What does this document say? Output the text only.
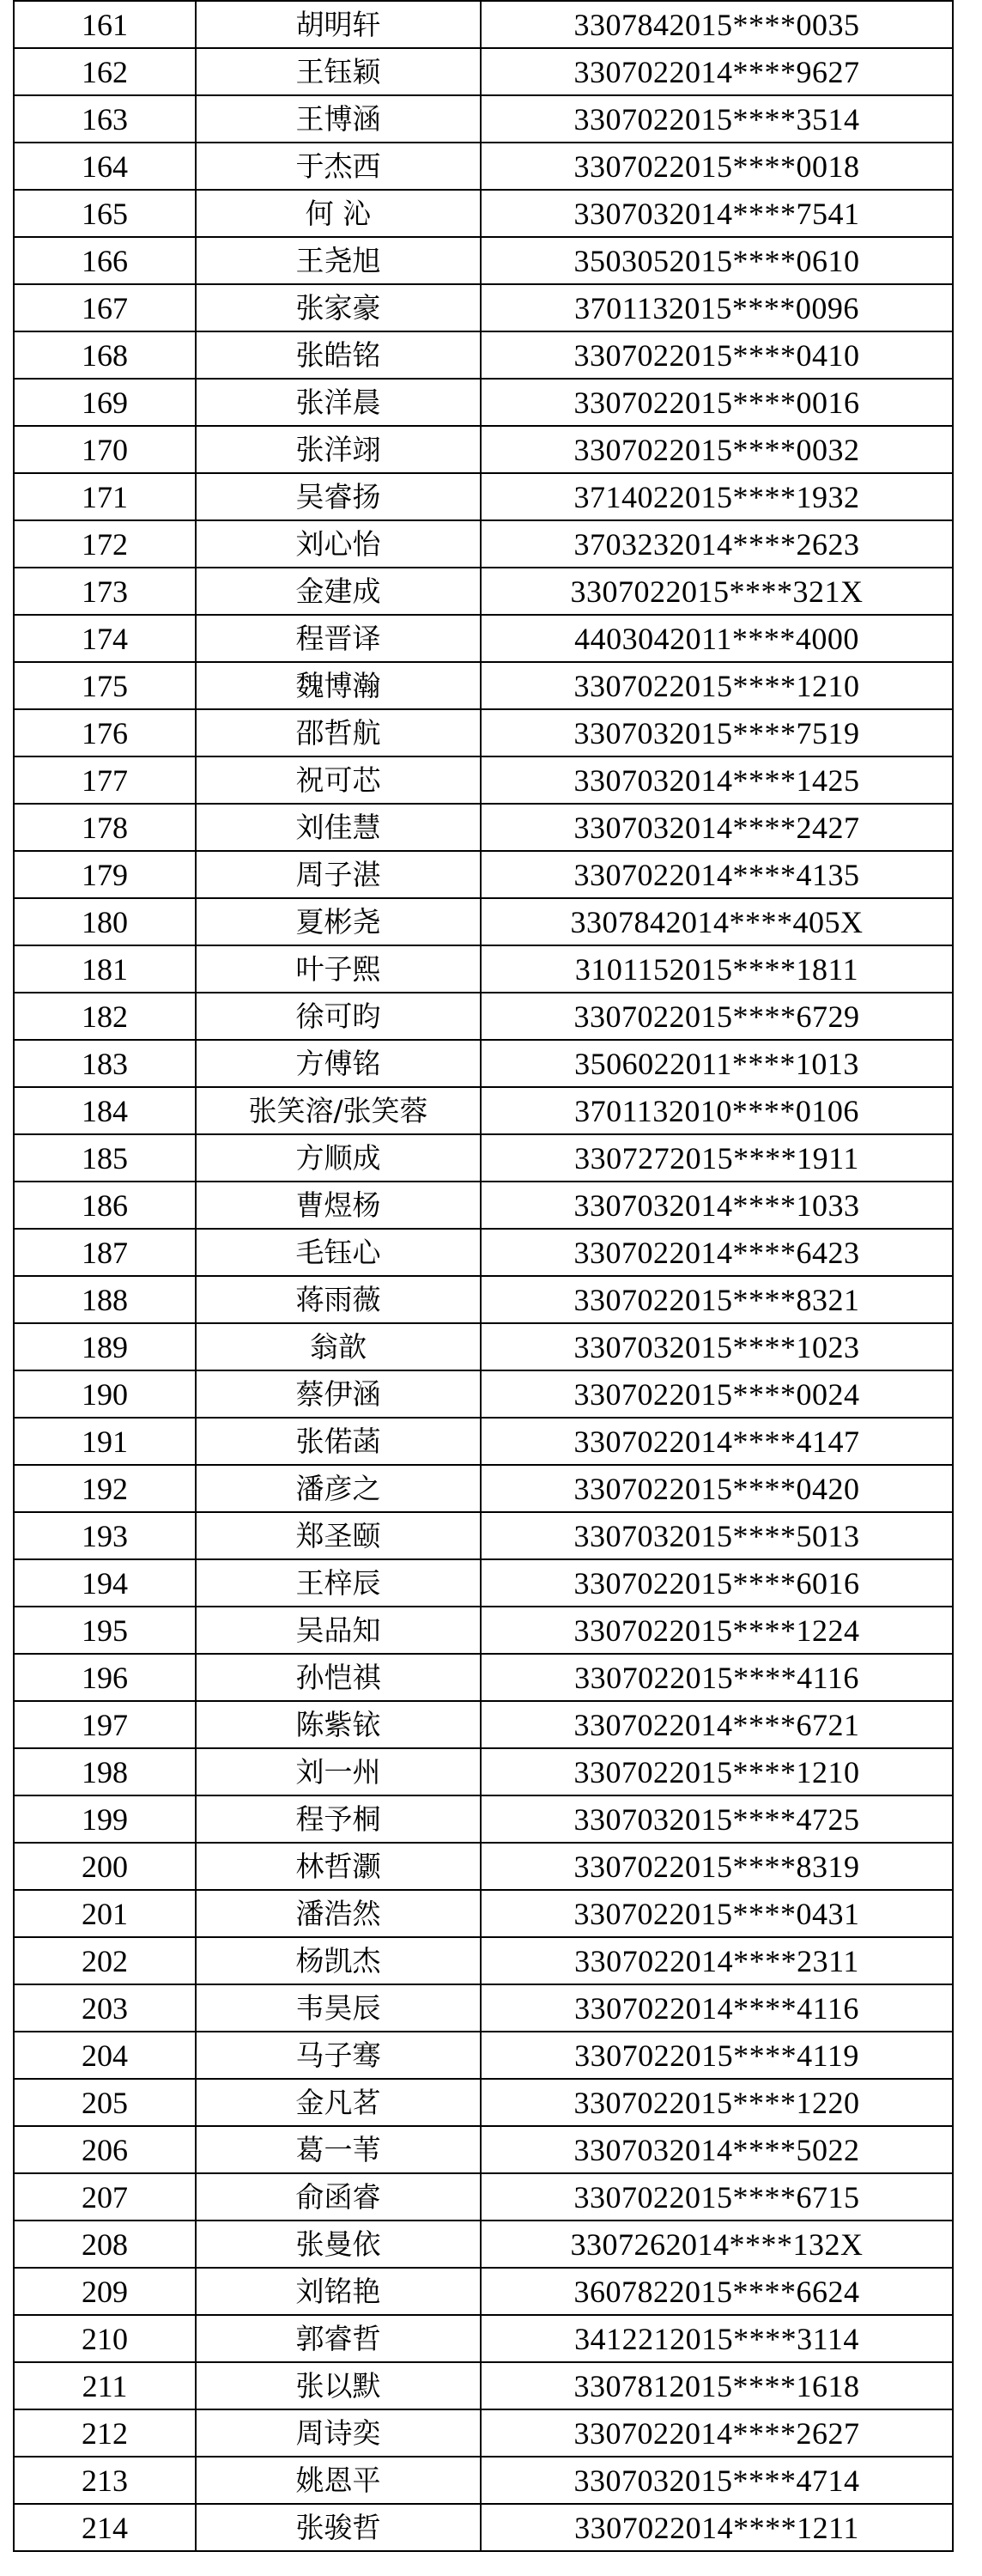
161	胡明轩	3307842015****0035
162	王钰颖	3307022014****9627
163	王博涵	3307022015****3514
164	于杰西	3307022015****0018
165	何 沁	3307032014****7541
166	王尧旭	3503052015****0610
167	张家豪	3701132015****0096
168	张皓铭	3307022015****0410
169	张洋晨	3307022015****0016
170	张洋翊	3307022015****0032
171	吴睿扬	3714022015****1932
172	刘心怡	3703232014****2623
173	金建成	3307022015****321X
174	程晋译	4403042011****4000
175	魏博瀚	3307022015****1210
176	邵哲航	3307032015****7519
177	祝可芯	3307032014****1425
178	刘佳慧	3307032014****2427
179	周子湛	3307022014****4135
180	夏彬尧	3307842014****405X
181	叶子熙	3101152015****1811
182	徐可昀	3307022015****6729
183	方傅铭	3506022011****1013
184	张笑溶/张笑蓉	3701132010****0106
185	方顺成	3307272015****1911
186	曹煜杨	3307032014****1033
187	毛钰心	3307022014****6423
188	蒋雨薇	3307022015****8321
189	翁歆	3307032015****1023
190	蔡伊涵	3307022015****0024
191	张偌菡	3307022014****4147
192	潘彦之	3307022015****0420
193	郑圣颐	3307032015****5013
194	王梓辰	3307022015****6016
195	吴品知	3307022015****1224
196	孙恺祺	3307022015****4116
197	陈紫铱	3307022014****6721
198	刘一州	3307022015****1210
199	程予桐	3307032015****4725
200	林哲灏	3307022015****8319
201	潘浩然	3307022015****0431
202	杨凯杰	3307022014****2311
203	韦昊辰	3307022014****4116
204	马子骞	3307022015****4119
205	金凡茗	3307022015****1220
206	葛一苇	3307032014****5022
207	俞函睿	3307022015****6715
208	张曼依	3307262014****132X
209	刘铭艳	3607822015****6624
210	郭睿哲	3412212015****3114
211	张以默	3307812015****1618
212	周诗奕	3307022014****2627
213	姚恩平	3307032015****4714
214	张骏哲	3307022014****1211
